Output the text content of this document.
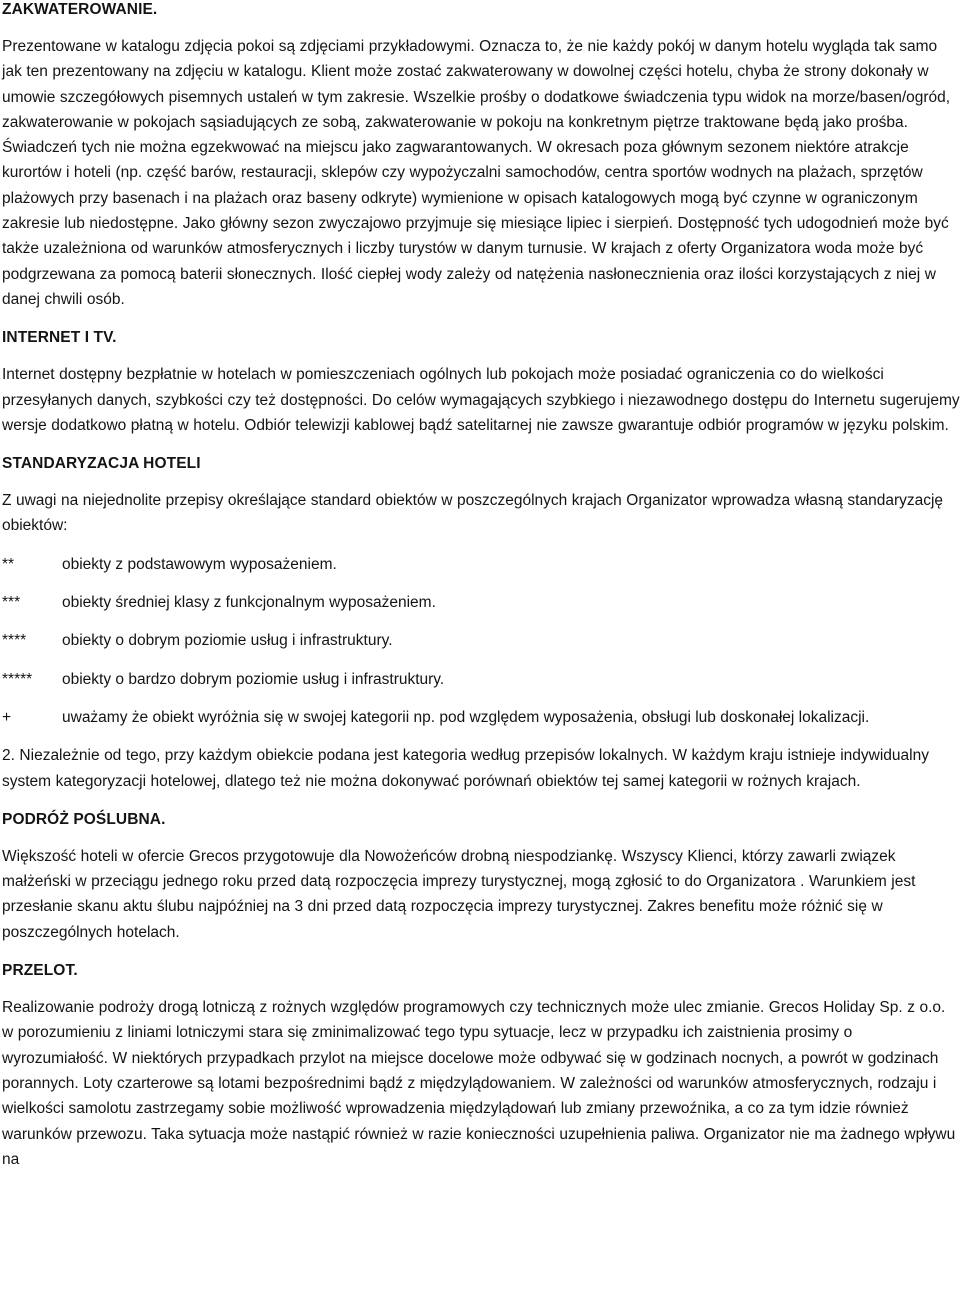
ZAKWATEROWANIE.

Prezentowane w katalogu zdjęcia pokoi są zdjęciami przykładowymi. Oznacza to, że nie każdy pokój w danym hotelu wygląda tak samo jak ten prezentowany na zdjęciu w katalogu. Klient może zostać zakwaterowany w dowolnej części hotelu, chyba że strony dokonały w umowie szczegółowych pisemnych ustaleń w tym zakresie. Wszelkie prośby o dodatkowe świadczenia typu widok na morze/basen/ogród, zakwaterowanie w pokojach sąsiadujących ze sobą, zakwaterowanie w pokoju na konkretnym piętrze traktowane będą jako prośba. Świadczeń tych nie można egzekwować na miejscu jako zagwarantowanych. W okresach poza głównym sezonem niektóre atrakcje kurortów i hoteli (np. część barów, restauracji, sklepów czy wypożyczalni samochodów, centra sportów wodnych na plażach, sprzętów plażowych przy basenach i na plażach oraz baseny odkryte) wymienione w opisach katalogowych mogą być czynne w ograniczonym zakresie lub niedostępne. Jako główny sezon zwyczajowo przyjmuje się miesiące lipiec i sierpień. Dostępność tych udogodnień może być także uzależniona od warunków atmosferycznych i liczby turystów w danym turnusie. W krajach z oferty Organizatora woda może być podgrzewana za pomocą baterii słonecznych. Ilość ciepłej wody zależy od natężenia nasłonecznienia oraz ilości korzystających z niej w danej chwili osób.

INTERNET I TV.

Internet dostępny bezpłatnie w hotelach w pomieszczeniach ogólnych lub pokojach może posiadać ograniczenia co do wielkości przesyłanych danych, szybkości czy też dostępności. Do celów wymagających szybkiego i niezawodnego dostępu do Internetu sugerujemy wersje dodatkowo płatną w hotelu. Odbiór telewizji kablowej bądź satelitarnej nie zawsze gwarantuje odbiór programów w języku polskim.

STANDARYZACJA HOTELI

Z uwagi na niejednolite przepisy określające standard obiektów w poszczególnych krajach Organizator wprowadza własną standaryzację obiektów:

**	obiekty z podstawowym wyposażeniem.
***	obiekty średniej klasy z funkcjonalnym wyposażeniem.
****	obiekty o dobrym poziomie usług i infrastruktury.
*****	obiekty o bardzo dobrym poziomie usług i infrastruktury.
+	uważamy że obiekt wyróżnia się w swojej kategorii np. pod względem wyposażenia, obsługi lub doskonałej lokalizacji.

2. Niezależnie od tego, przy każdym obiekcie podana jest kategoria według przepisów lokalnych. W każdym kraju istnieje indywidualny system kategoryzacji hotelowej, dlatego też nie można dokonywać porównań obiektów tej samej kategorii w rożnych krajach.

PODRÓŻ POŚLUBNA.

Większość hoteli w ofercie Grecos przygotowuje dla Nowożeńców drobną niespodziankę. Wszyscy Klienci, którzy zawarli związek małżeński w przeciągu jednego roku przed datą rozpoczęcia imprezy turystycznej, mogą zgłosić to do Organizatora . Warunkiem jest przesłanie skanu aktu ślubu najpóźniej na 3 dni przed datą rozpoczęcia imprezy turystycznej. Zakres benefitu może różnić się w poszczególnych hotelach.

PRZELOT.

Realizowanie podroży drogą lotniczą z rożnych względów programowych czy technicznych może ulec zmianie. Grecos Holiday Sp. z o.o. w porozumieniu z liniami lotniczymi stara się zminimalizować tego typu sytuacje, lecz w przypadku ich zaistnienia prosimy o wyrozumiałość. W niektórych przypadkach przylot na miejsce docelowe może odbywać się w godzinach nocnych, a powrót w godzinach porannych. Loty czarterowe są lotami bezpośrednimi bądź z międzylądowaniem. W zależności od warunków atmosferycznych, rodzaju i wielkości samolotu zastrzegamy sobie możliwość wprowadzenia międzylądowań lub zmiany przewoźnika, a co za tym idzie również warunków przewozu. Taka sytuacja może nastąpić również w razie konieczności uzupełnienia paliwa. Organizator nie ma żadnego wpływu na
